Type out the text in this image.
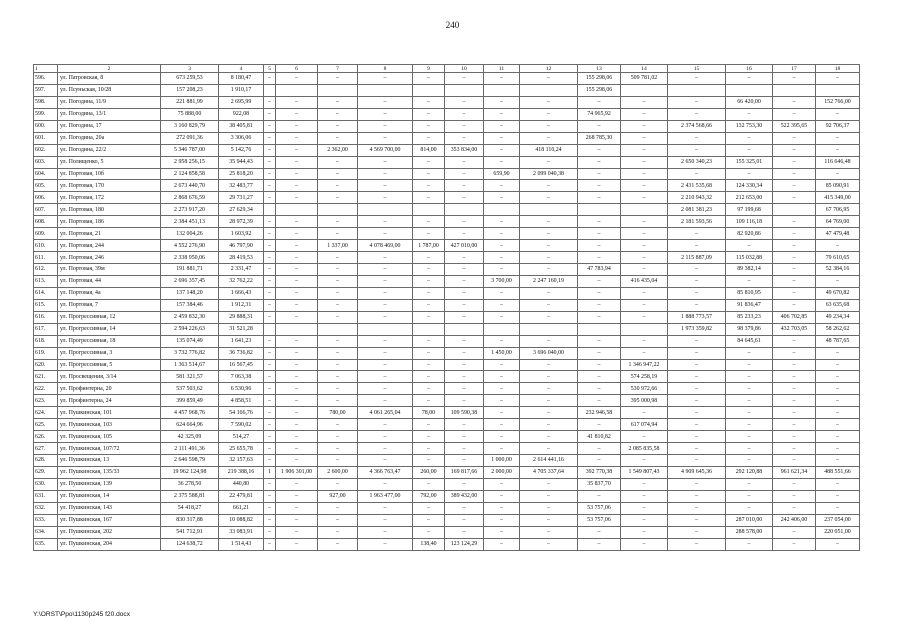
240
1	2	3	4	5	6	7	8	9	10	11	12	13	14	15	16	17	18
596.	ул. Патровская, 8	673 259,53	8 180,47	–	–	–	–	–	–	–	–	155 298,06	509 781,02	–	–	–	–
597.	ул. Псуньская, 10/28	157 208,23	1 910,17									155 298,06					
598.	ул. Погодина, 11/9	221 881,99	2 695,99	–	–	–	–	–	–	–	–	–	–	–	66 420,00	–	152 766,00
599.	ул. Погодина, 13/1	75 888,00	922,08	–	–	–	–	–	–	–	–	74 965,92	–	–	–	–	–
600.	ул. Погодина, 17	3 160 829,79	38 405,81	–	–	–	–	–	–	–	–	–	–	2 374 568,66	132 753,30	522 395,65	92 706,37
601.	ул. Погодина, 20а	272 091,36	3 306,06	–	–	–	–	–	–	–	–	268 785,30	–	–	–	–	–
602.	ул. Погодина, 22/2	5 346 787,00	5 142,76	–	–	2 362,00	4 569 700,00	814,00	353 834,00	–	418 110,24	–	–	–	–	–	–
603.	ул. Полищенко, 5	2 958 256,15	35 944,43	–	–	–	–	–	–	–	–	–	–	2 650 340,23	155 325,01	–	116 646,48
604.	ул. Портовая, 10б	2 124 858,58	25 818,20	–	–	–	–	–	–	659,90	2 099 040,38	–	–	–	–	–	–
605.	ул. Портовая, 170	2 673 440,70	32 483,77	–	–	–	–	–	–	–	–	–	–	2 431 535,68	124 330,34	–	85 090,91
606.	ул. Портовая, 172	2 868 676,59	29 731,27	–	–	–	–	–	–	–	–	–	–	2 210 943,32	212 653,00	–	415 349,00
607.	ул. Портовая, 180	2 273 917,20	27 629,34											2 081 381,23	97 199,68		67 706,95
608.	ул. Портовая, 186	2 384 451,13	28 972,39	–	–	–	–	–	–	–	–	–	–	2 181 593,56	109 116,18	–	64 769,00
609.	ул. Портовая, 21	132 004,26	1 603,92	–	–	–	–	–	–	–	–	–	–	–	82 920,86	–	47 479,48
610.	ул. Портовая, 244	4 552 276,90	46 797,90	–	–	1 337,00	4 078 469,00	1 787,00	427 010,00	–	–	–	–	–	–	–	–
611.	ул. Портовая, 246	2 338 950,06	28 419,53	–	–	–	–	–	–	–	–	–	–	2 115 887,09	115 032,88	–	79 610,65
612.	ул. Портовая, 39м	191 881,71	2 331,47	–	–	–	–	–	–	–	–	47 783,94	–	–	89 382,14	–	52 384,16
613.	ул. Портовая, 44	2 696 357,45	32 762,22	–	–	–	–	–	–	3 700,00	2 247 160,19	–	416 435,04	–	–	–	–
614.	ул. Портовая, 4а	137 148,20	1 666,43	–	–	–	–	–	–	–	–	–	–	–	85 810,95	–	49 670,82
615.	ул. Портовая, 7	157 384,46	1 912,31	–	–	–	–	–	–	–	–	–	–	–	91 836,47	–	63 635,68
616.	ул. Прогрессивная, 12	2 459 832,30	29 888,31	–	–	–	–	–	–	–	–	–	–	1 888 773,57	85 233,23	406 702,85	49 234,34
617.	ул. Прогрессивная, 14	2 594 226,63	31 521,28											1 973 359,82	98 379,86	432 703,05	58 262,62
618.	ул. Прогрессивная, 18	135 074,49	1 641,23	–	–	–	–	–	–	–	–	–	–	–	84 645,61	–	48 787,65
619.	ул. Прогрессивная, 3	3 732 776,82	36 736,82	–	–	–	–	–	–	1 450,00	3 696 040,00	–	–	–	–	–	–
620.	ул. Прогрессивная, 5	1 363 514,67	16 567,45	–	–	–	–	–	–	–	–	–	1 346 947,22	–	–	–	–
621.	ул. Просвещения, 3/14	581 321,57	7 063,38	–	–	–	–	–	–	–	–	–	574 258,19	–	–	–	–
622.	ул. Профинтерна, 20	537 503,62	6 530,96	–	–	–	–	–	–	–	–	–	530 972,66	–	–	–	–
623.	ул. Профинтерна, 24	399 859,49	4 858,51	–	–	–	–	–	–	–	–	–	395 000,98	–	–	–	–
624.	ул. Пушкинская, 101	4 457 968,76	54 166,76	–	–	780,00	4 061 265,04	78,00	109 590,38	–	–	232 946,58	–	–	–	–	–
625.	ул. Пушкинская, 103	624 664,96	7 590,02	–	–	–	–	–	–	–	–	–	617 074,94	–	–	–	–
626.	ул. Пушкинская, 105	42 325,09	514,27	–	–	–	–	–	–	–	–	41 810,82	–	–	–	–	–
627.	ул. Пушкинская, 107/72	2 111 491,36	25 655,78	–	–	–	–	–	–	–	–	–	2 085 835,58	–	–	–	–
628.	ул. Пушкинская, 13	2 646 598,79	32 157,63	–	–	–	–	–	–	1 000,00	2 614 441,16	–	–	–	–	–	–
629.	ул. Пушкинская, 135/33	19 962 124,98	219 388,16	1	1 906 301,00	2 600,00	4 366 763,47	260,00	169 817,66	2 000,00	4 705 337,64	392 770,38	1 549 807,43	4 909 645,36	292 120,88	961 621,34	488 551,66
630.	ул. Пушкинская, 139	36 278,50	440,80	–	–	–	–	–	–	–	–	35 837,70	–	–	–	–	–
631.	ул. Пушкинская, 14	2 375 588,81	22 479,81	–	–	927,00	1 963 477,00	792,00	389 432,00	–	–	–	–	–	–	–	–
632.	ул. Пушкинская, 143	54 418,27	661,21	–	–	–	–	–	–	–	–	53 757,06	–	–	–	–	–
633.	ул. Пушкинская, 167	830 317,88	10 088,82	–	–	–	–	–	–	–	–	53 757,06	–	–	287 010,00	242 406,00	237 054,00
634.	ул. Пушкинская, 202	541 712,91	33 083,91	–	–	–	–	–	–	–	–	–	–	–	288 578,00	–	220 051,00
635.	ул. Пушкинская, 204	124 638,72	1 514,43	–	–	–	–	138,40	123 124,29	–	–	–	–	–	–	–	–
Y:\ORST\Ppo\1130p245 f20.docx
